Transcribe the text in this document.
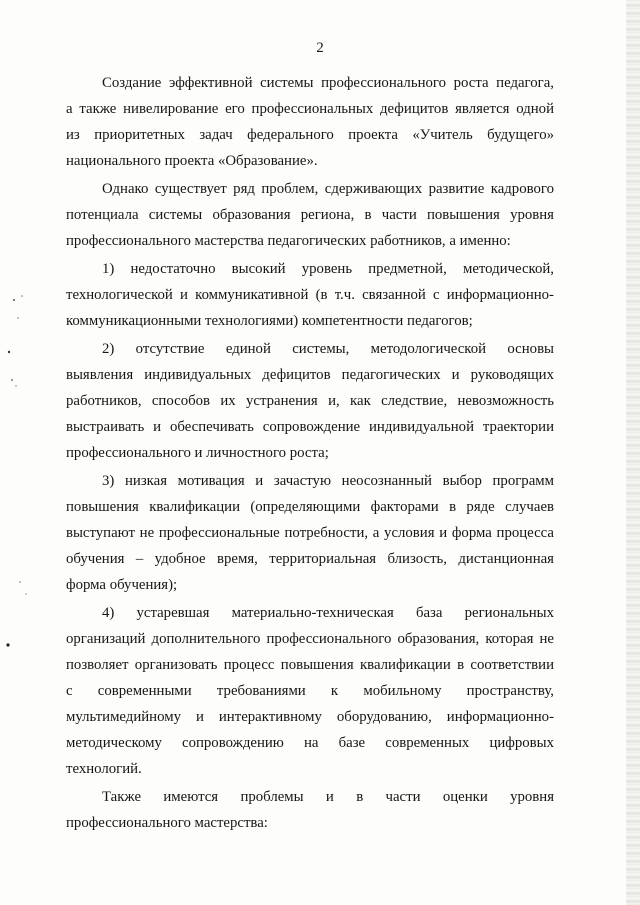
2
Создание эффективной системы профессионального роста педагога,
а также нивелирование его профессиональных дефицитов является одной
из приоритетных задач федерального проекта «Учитель будущего»
национального проекта «Образование».
Однако существует ряд проблем, сдерживающих развитие кадрового
потенциала системы образования региона, в части повышения уровня
профессионального мастерства педагогических работников, а именно:
1) недостаточно высокий уровень предметной, методической,
технологической и коммуникативной (в т.ч. связанной с информационно-
коммуникационными технологиями) компетентности педагогов;
2) отсутствие единой системы, методологической основы
выявления индивидуальных дефицитов педагогических и руководящих
работников, способов их устранения и, как следствие, невозможность
выстраивать и обеспечивать сопровождение индивидуальной траектории
профессионального и личностного роста;
3) низкая мотивация и зачастую неосознанный выбор программ
повышения квалификации (определяющими факторами в ряде случаев
выступают не профессиональные потребности, а условия и форма процесса
обучения – удобное время, территориальная близость, дистанционная
форма обучения);
4) устаревшая материально-техническая база региональных
организаций дополнительного профессионального образования, которая не
позволяет организовать процесс повышения квалификации в соответствии
с современными требованиями к мобильному пространству,
мультимедийному и интерактивному оборудованию, информационно-
методическому сопровождению на базе современных цифровых
технологий.
Также имеются проблемы и в части оценки уровня
профессионального мастерства:
